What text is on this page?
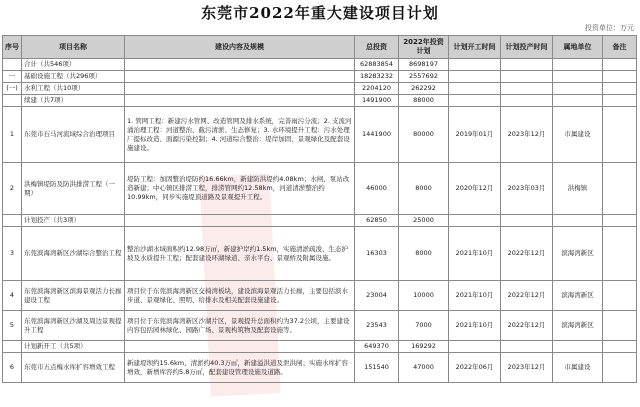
东莞市2022年重大建设项目计划
投资单位：万元
序号	项目名称	建设内容及规模	总投资	2022年投资计划	计划开工时间	计划投产时间	属地单位	备注
	合计（共546项）		62883854	8698197				
一	基础设施工程（共296项）		18283232	2557692				
(一)	水利工程（共10项）		2204120	262292				
	续建（共7项）		1491900	88000				
1	东莞市石马河流域综合治理项目	1. 管网工程：新建污水管网、改造管网及排水系统，完善雨污分流；2. 支流河涌治理工程：河道整治、截污清淤、生态修复；3. 水环境提升工程：污水处理厂提标改造、面源污染控制；4. 河道综合整治：堤岸加固、景观绿化及配套设施建设。	1441900	80000	2019年01月	2023年12月	市属建设	
2	洪梅镇堤防及防洪排涝工程（一期）	堤防工程：加固整治堤防约16.66km，新建防洪堤约4.08km；水闸、泵站改造新建；中心镇区排涝工程，排涝管网约12.58km，河道清淤整治约10.99km，同步实施堤顶道路及景观提升工程。	46000	8000	2020年12月	2023年03月	洪梅镇	
	计划投产（共3项）		62850	25000				
3	东莞滨海湾新区沙湖综合整治工程	整治沙湖水域面积约12.98万㎡，新建护岸约1.5km，实施清淤疏浚、生态护坡及水质提升工程；配套建设环湖绿道、亲水平台、景观桥及附属设施。	16303	8000	2021年10月	2022年12月	滨海湾新区	
4	东莞滨海湾新区滨海景观活力长廊建设工程	项目位于东莞滨海湾新区交椅湾板块，建设滨海景观活力长廊，主要包括滨水步道、景观绿化、照明、给排水及相关配套设施建设。	23004	10000	2021年10月	2022年12月	滨海湾新区	
5	东莞滨海湾新区沙湖及周边景观提升工程	项目位于东莞滨海湾新区沙湖片区，景观提升总面积约为37.2公顷，主要建设内容包括园林绿化、园路广场、景观构筑物及配套设施等。	23543	7000	2021年10月	2022年12月	滨海湾新区	
	计划新开工（共5项）		649370	169292				
6	东莞市五点梅水库扩容增效工程	新建堤坝约15.6km，清淤约40.3万㎥，新建溢洪道及泄洪闸；实施水库扩容增效，新增库容约5.8万㎥，配套建设管理设施及道路。	151540	47000	2022年06月	2023年12月	市属建设	
